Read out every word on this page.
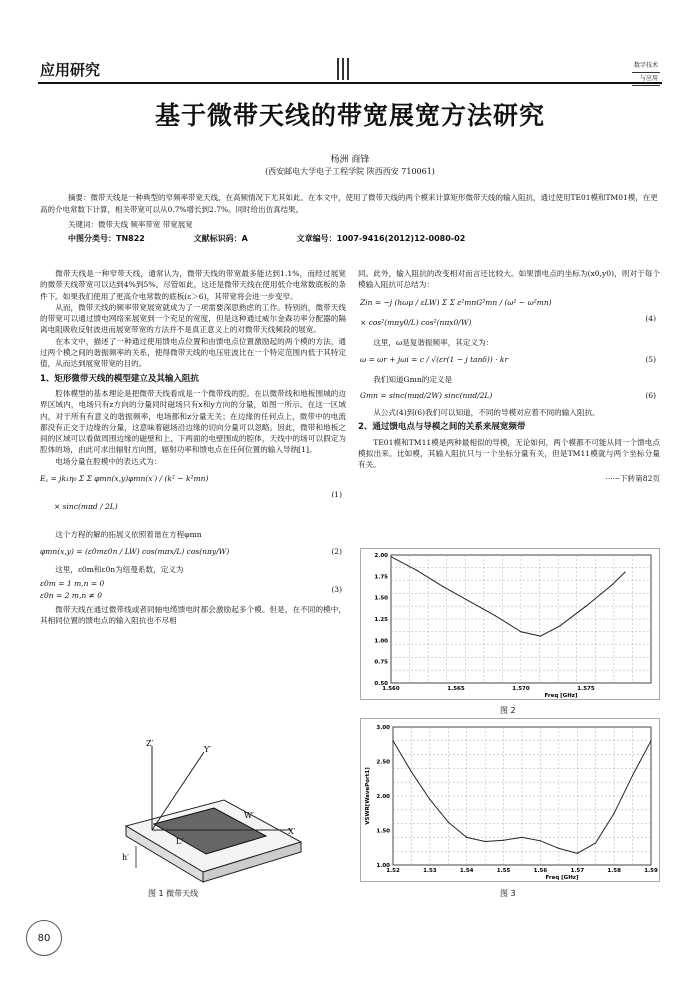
应用研究	数字技术
与应用
基于微带天线的带宽展宽方法研究
杨洲 商锋
(西安邮电大学电子工程学院 陕西西安 710061)
摘要：微带天线是一种典型的窄频率带宽天线，在高频情况下尤其如此。在本文中，使用了微带天线的两个模来计算矩形微带天线的输入阻抗，通过使用TE01模和TM01模，在更高的介电常数下计算，相关带宽可以从0.7%增长到2.7%。同时给出仿真结果。
关键词：微带天线 频率带宽 带宽展宽
中图分类号：TN822	文献标识码：A	文章编号：1007-9416(2012)12-0080-02

微带天线是一种窄带天线，通常认为，微带天线的带宽最多能达到1.1%，而经过展宽的微带天线带宽可以达到4%到5%。尽管如此，这还是微带天线在使用低介电常数底板的条件下。如果我们使用了更高介电常数的底板(ε＞6)，其带宽将会进一步变窄。

从而，微带天线的频率带宽展宽就成为了一项需要深思熟虑的工作。特别的，微带天线的带宽可以通过馈电网络来展宽到一个充足的宽度，但是这种通过威尔金森功率分配器的隔离电阻吸收反射波进而展宽带宽的方法并不是真正意义上的对微带天线频段的展宽。

在本文中，描述了一种通过使用馈电点位置和由馈电点位置激励起的两个模的方法，通过两个模之间的谐振频率的关系，使得微带天线的电压驻波比在一个特定范围内低于其特定值，从而达到展宽带宽的目的。

1、矩形微带天线的模型建立及其输入阻抗

腔体模型的基本理论是把微带天线看成是一个微带线的腔。在以微带线和地板围城的边界区域内，电场只有z方向的分量同时磁场只有x和y方向的分量，如图一所示。在这一区域内，对于所有有意义的谐振频率，电场都和z分量无关；在边缘的任何点上，微带中的电流都没有正交于边缘的分量，这意味着磁场沿边缘的切向分量可以忽略。因此，微带和地板之间的区域可以看做周围边缘的磁壁和上、下两面的电壁围成的腔体，天线中的场可以假定为腔体的场，由此可求出辐射方向图，辐射功率和馈电点在任何位置的输入导纳[1]。

电场分量在腔模中的表达式为：

E꜀ = jk₁η₀ Σ Σ φmn(x,y)φmn(x′) / (k² − k²mn)
× sinc(mπd / 2L)
(1)

这个方程的解的拓展义依照着谐在方程φmn

φmn(x,y) = (ε0mε0n / LW) cos(mπx/L) cos(nπy/W)	(2)

这里，ε0m和ε0n为纽曼系数，定义为

ε0m = 1 m,n = 0
ε0n = 2 m,n ≠ 0
(3)

微带天线在通过微带线或者同轴电缆馈电时都会激励起多个模。但是，在不同的模中，其相同位置的馈电点的输入阻抗也不尽相

同。此外，输入阻抗的改变相对而言还比较大。如果馈电点的坐标为(x0,y0)，则对于每个模输入阻抗可总结为：

Zin = −j (hωμ / εLW) Σ Σ ε²mnG²mn / (ω² − ω²mn)
× cos²(mπy0/L) cos²(nπx0/W)	(4)

这里，ω是复谐振频率，其定义为：

ω = ωr + jωi = c / √(εr(1 − j tanδ)) · kr	(5)

我们知道Gmn的定义是

Gmn = sinc(mπd/2W) sinc(nπd/2L)	(6)

从公式(4)到(6)我们可以知道，不同的导模对应着不同的输入阻抗。

2、通过馈电点与导模之间的关系来展宽频带

TE01模和TM11模是两种最相似的导模，无论如何，两个模都不可能从同一个馈电点模拟出来。比如模，其输入阻抗只与一个坐标分量有关，但是TM11模就与两个坐标分量有关。

······下转第82页
Z′
Y′
X′
W′
L′
h′
图 1 微带天线
2.00
1.75
1.50
1.25
1.00
0.75
0.50
1.560	1.565	1.570	1.575
Freq [GHz]
图 2
3.00
2.50
2.00
1.50
1.00
1.52	1.53	1.54	1.55	1.56	1.57	1.58	1.59
Freq [GHz]
VSWR[WavePort1]
图 3
80
